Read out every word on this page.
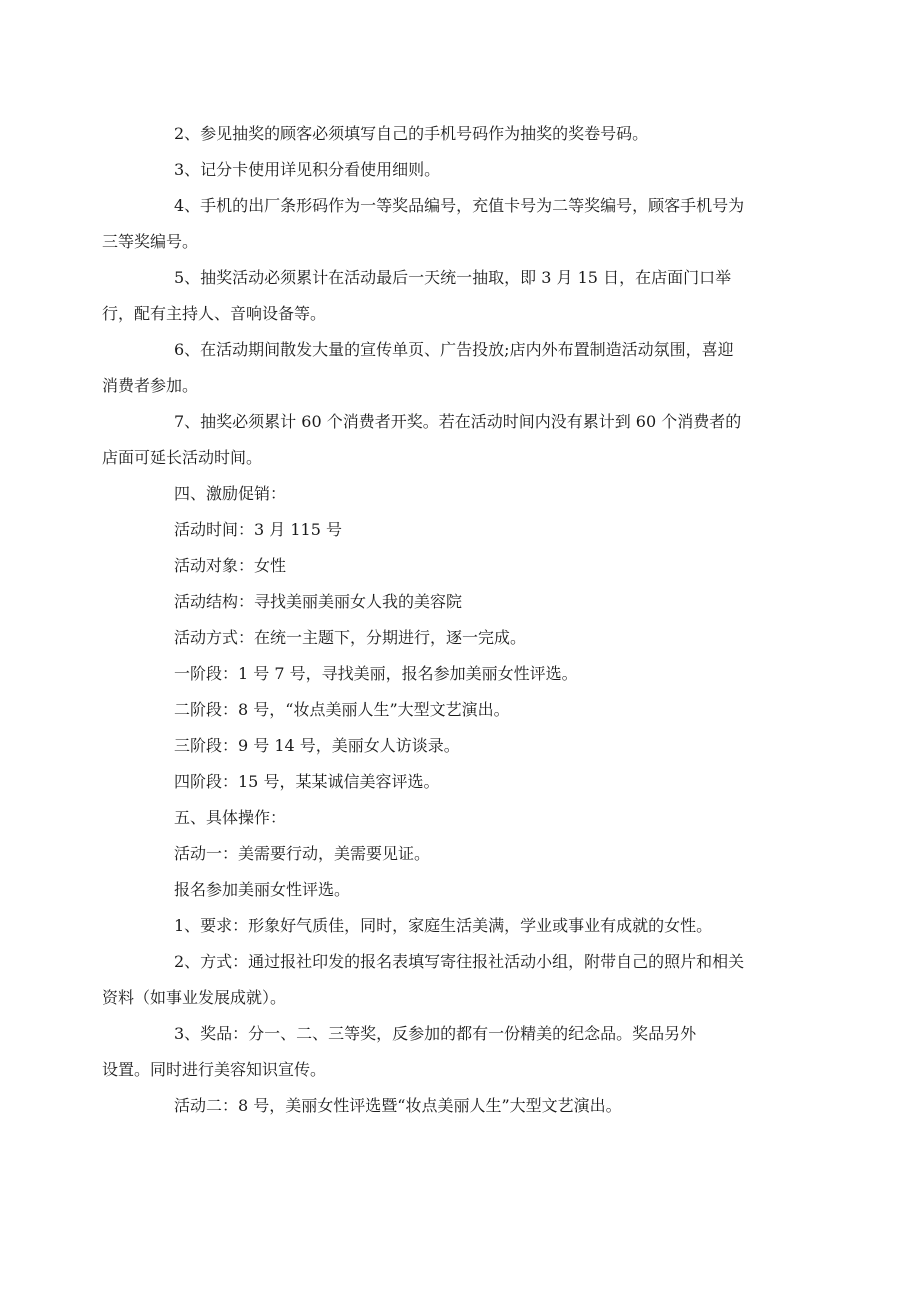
2、参见抽奖的顾客必须填写自己的手机号码作为抽奖的奖卷号码。

3、记分卡使用详见积分看使用细则。

4、手机的出厂条形码作为一等奖品编号，充值卡号为二等奖编号，顾客手机号为
三等奖编号。

5、抽奖活动必须累计在活动最后一天统一抽取，即 3 月 15 日，在店面门口举
行，配有主持人、音响设备等。

6、在活动期间散发大量的宣传单页、广告投放;店内外布置制造活动氛围，喜迎
消费者参加。

7、抽奖必须累计 60 个消费者开奖。若在活动时间内没有累计到 60 个消费者的
店面可延长活动时间。

四、激励促销：

活动时间：3 月 115 号

活动对象：女性

活动结构：寻找美丽美丽女人我的美容院

活动方式：在统一主题下，分期进行，逐一完成。

一阶段：1 号 7 号，寻找美丽，报名参加美丽女性评选。

二阶段：8 号，“妆点美丽人生”大型文艺演出。

三阶段：9 号 14 号，美丽女人访谈录。

四阶段：15 号，某某诚信美容评选。

五、具体操作：

活动一：美需要行动，美需要见证。

报名参加美丽女性评选。

1、要求：形象好气质佳，同时，家庭生活美满，学业或事业有成就的女性。

2、方式：通过报社印发的报名表填写寄往报社活动小组，附带自己的照片和相关
资料（如事业发展成就）。

3、奖品：分一、二、三等奖，反参加的都有一份精美的纪念品。奖品另外
设置。同时进行美容知识宣传。

活动二：8 号，美丽女性评选暨“妆点美丽人生”大型文艺演出。
